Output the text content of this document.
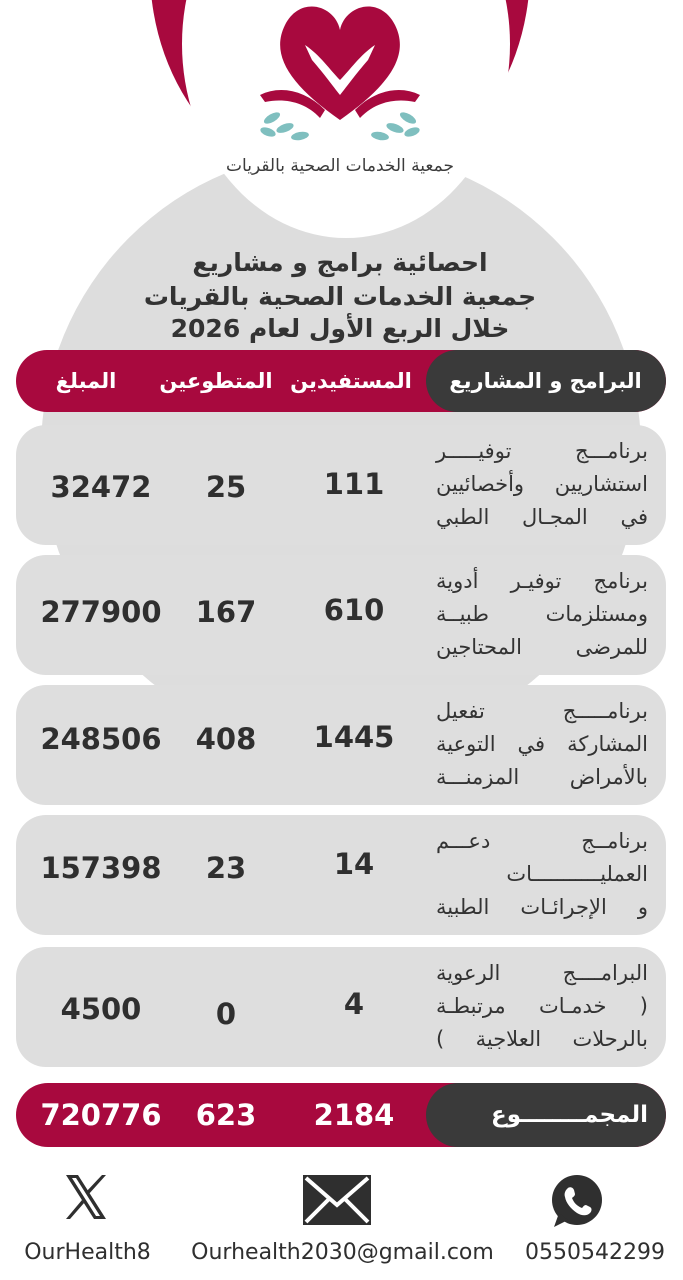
جمعية الخدمات الصحية بالقريات
احصائية برامج و مشاريع
جمعية الخدمات الصحية بالقريات
خلال الربع الأول لعام 2026
البرامج و المشاريع
المستفيدين
المتطوعين
المبلغ
برنامـــج توفيـــــر
استشاريين وأخصائيين
في المجـال الطبي
111
25
32472
برنامج توفيـر أدوية
ومستلزمات طبيــة
للمرضى المحتاجين
610
167
277900
برنامـــــج تفعيل
المشاركة في التوعية
بالأمراض المزمنـــة
1445
408
248506
برنامــج دعـــم
العمليـــــــــــات
و الإجرائـات الطبية
14
23
157398
البرامــــج الرعوية
( خدمـات مرتبطـة
بالرحلات العلاجية )
4
0
4500
المجمــــــــوع
2184
623
720776
OurHealth8	Ourhealth2030@gmail.com	0550542299
